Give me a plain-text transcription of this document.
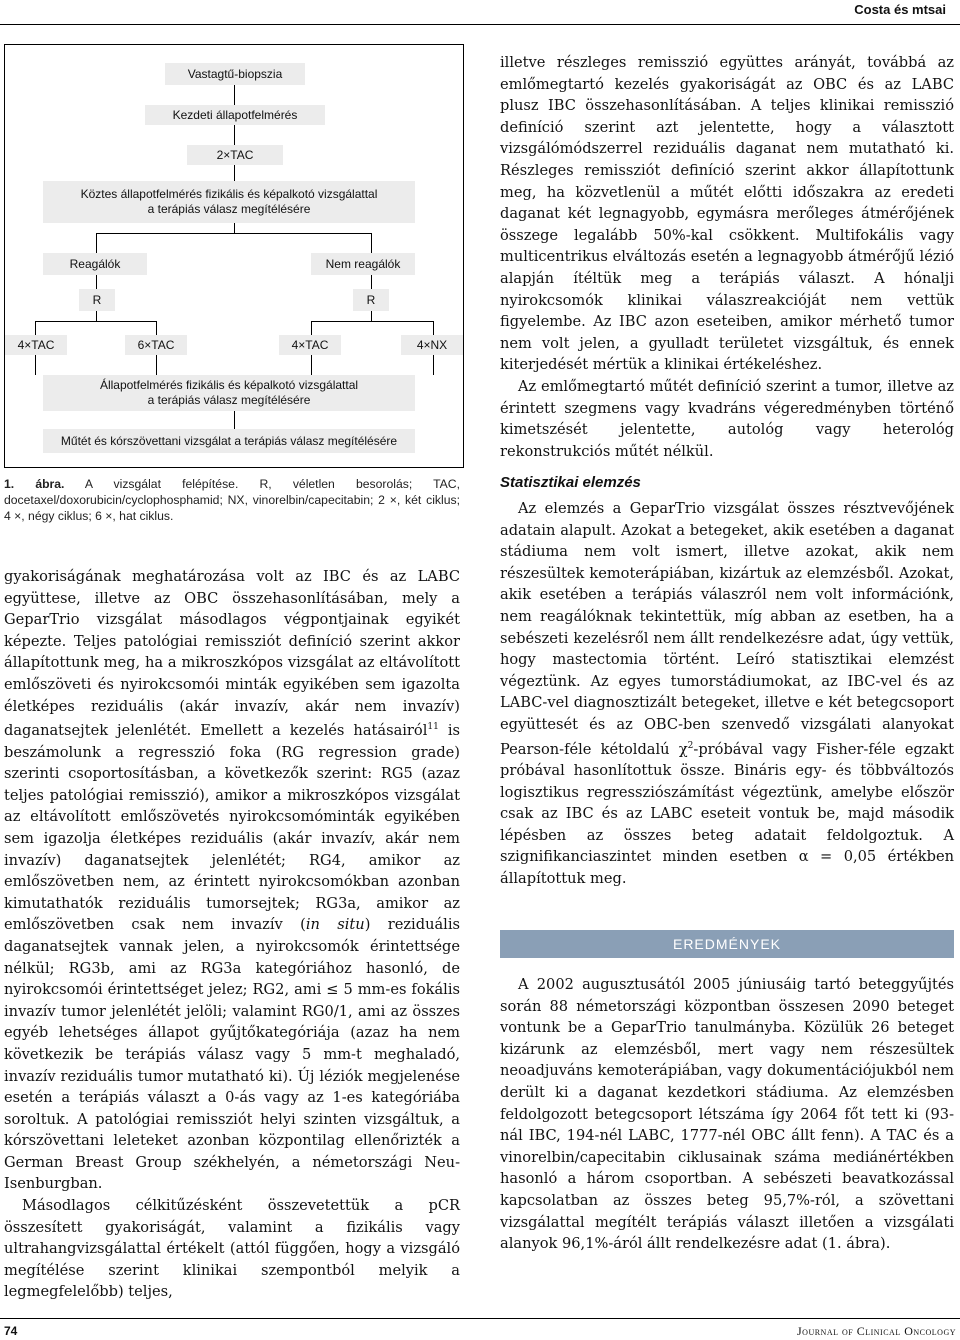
Costa és mtsai
Vastagtű-biopszia
Kezdeti állapotfelmérés
2×TAC
Köztes állapotfelmérés fizikális és képalkotó vizsgálattal
a terápiás válasz megítélésére
Reagálók	Nem reagálók
R	R
4×TAC	6×TAC	4×TAC	4×NX
Állapotfelmérés fizikális és képalkotó vizsgálattal
a terápiás válasz megítélésére
Műtét és kórszövettani vizsgálat a terápiás válasz megítélésére
1. ábra. A vizsgálat felépítése. R, véletlen besorolás; TAC, docetaxel/doxorubicin/cyclophosphamid; NX, vinorelbin/capecitabin; 2 ×, két ciklus; 4 ×, négy ciklus; 6 ×, hat ciklus.

gyakoriságának meghatározása volt az IBC és az LABC együttese, illetve az OBC összehasonlításában, mely a GeparTrio vizsgálat másodlagos végpontjainak egyikét képezte. Teljes patológiai remissziót definíció szerint akkor állapítottunk meg, ha a mikroszkópos vizsgálat az eltávolított emlőszöveti és nyirokcsomói minták egyikében sem igazolta életképes reziduális (akár invazív, akár nem invazív) daganatsejtek jelenlétét. Emellett a kezelés hatásairól$^{11}$ is beszámolunk a regresszió foka (RG regression grade) szerinti csoportosításban, a következők szerint: RG5 (azaz teljes patológiai remisszió), amikor a mikroszkópos vizsgálat az eltávolított emlőszövetés nyirokcsomóminták egyikében sem igazolja életképes reziduális (akár invazív, akár nem invazív) daganatsejtek jelenlétét; RG4, amikor az emlőszövetben nem, az érintett nyirokcsomókban azonban kimutathatók reziduális tumorsejtek; RG3a, amikor az emlőszövetben csak nem invazív (in situ) reziduális daganatsejtek vannak jelen, a nyirokcsomók érintettsége nélkül; RG3b, ami az RG3a kategóriához hasonló, de nyirokcsomói érintettséget jelez; RG2, ami ≤ 5 mm-es fokális invazív tumor jelenlétét jelöli; valamint RG0/1, ami az összes egyéb lehetséges állapot gyűjtőkategóriája (azaz ha nem következik be terápiás válasz vagy 5 mm-t meghaladó, invazív reziduális tumor mutatható ki). Új léziók megjelenése esetén a terápiás választ a 0-ás vagy az 1-es kategóriába soroltuk. A patológiai remissziót helyi szinten vizsgáltuk, a kórszövettani leleteket azonban központilag ellenőrizték a German Breast Group székhelyén, a németországi Neu-Isenburgban.

Másodlagos célkitűzésként összevetettük a pCR összesített gyakoriságát, valamint a fizikális vagy ultrahangvizsgálattal értékelt (attól függően, hogy a vizsgáló megítélése szerint klinikai szempontból melyik a legmegfelelőbb) teljes,

illetve részleges remisszió együttes arányát, továbbá az emlőmegtartó kezelés gyakoriságát az OBC és az LABC plusz IBC összehasonlításában. A teljes klinikai remisszió definíció szerint azt jelentette, hogy a választott vizsgálómódszerrel reziduális daganat nem mutatható ki. Részleges remissziót definíció szerint akkor állapítottunk meg, ha közvetlenül a műtét előtti időszakra az eredeti daganat két legnagyobb, egymásra merőleges átmérőjének összege legalább 50%-kal csökkent. Multifokális vagy multicentrikus elváltozás esetén a legnagyobb átmérőjű lézió alapján ítéltük meg a terápiás választ. A hónalji nyirokcsomók klinikai válaszreakcióját nem vettük figyelembe. Az IBC azon eseteiben, amikor mérhető tumor nem volt jelen, a gyulladt területet vizsgáltuk, és ennek kiterjedését mértük a klinikai értékeléshez.

Az emlőmegtartó műtét definíció szerint a tumor, illetve az érintett szegmens vagy kvadráns végeredményben történő kimetszését jelentette, autológ vagy heterológ rekonstrukciós műtét nélkül.

Statisztikai elemzés

Az elemzés a GeparTrio vizsgálat összes résztvevőjének adatain alapult. Azokat a betegeket, akik esetében a daganat stádiuma nem volt ismert, illetve azokat, akik nem részesültek kemoterápiában, kizártuk az elemzésből. Azokat, akik esetében a terápiás válaszról nem volt információnk, nem reagálóknak tekintettük, míg abban az esetben, ha a sebészeti kezelésről nem állt rendelkezésre adat, úgy vettük, hogy mastectomia történt. Leíró statisztikai elemzést végeztünk. Az egyes tumorstádiumokat, az IBC-vel és az LABC-vel diagnosztizált betegeket, illetve e két betegcsoport együttesét és az OBC-ben szenvedő vizsgálati alanyokat Pearson-féle kétoldalú $\chi^2$-próbával vagy Fisher-féle egzakt próbával hasonlítottuk össze. Bináris egy- és többváltozós logisztikus regressziószámítást végeztünk, amelybe először csak az IBC és az LABC eseteit vontuk be, majd második lépésben az összes beteg adatait feldolgoztuk. A szignifikanciaszintet minden esetben α = 0,05 értékben állapítottuk meg.

EREDMÉNYEK

A 2002 augusztusától 2005 júniusáig tartó beteggyűjtés során 88 németországi központban összesen 2090 beteget vontunk be a GeparTrio tanulmányba. Közülük 26 beteget kizárunk az elemzésből, mert vagy nem részesültek neoadjuváns kemoterápiában, vagy dokumentációjukból nem derült ki a daganat kezdetkori stádiuma. Az elemzésben feldolgozott betegcsoport létszáma így 2064 főt tett ki (93-nál IBC, 194-nél LABC, 1777-nél OBC állt fenn). A TAC és a vinorelbin/capecitabin ciklusainak száma mediánértékben hasonló a három csoportban. A sebészeti beavatkozással kapcsolatban az összes beteg 95,7%-ról, a szövettani vizsgálattal megítélt terápiás választ illetően a vizsgálati alanyok 96,1%-áról állt rendelkezésre adat (1. ábra).

74	Journal of Clinical Oncology
